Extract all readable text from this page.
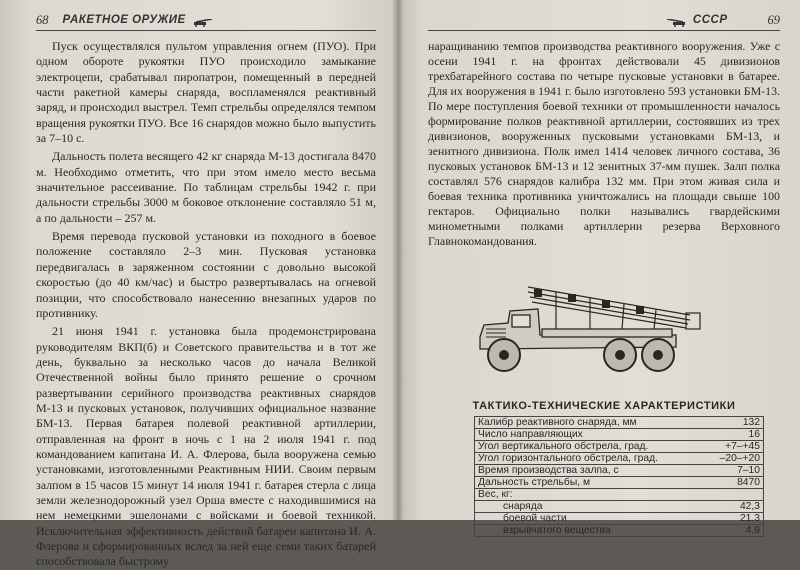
68 РАКЕТНОЕ ОРУЖИЕ

Пуск осуществлялся пультом управления огнем (ПУО). При одном обороте рукоятки ПУО происходило замыкание электроцепи, срабатывал пиропатрон, помещенный в передней части ракетной камеры снаряда, воспламенялся реактивный заряд, и происходил выстрел. Темп стрельбы определялся темпом вращения рукоятки ПУО. Все 16 снарядов можно было выпустить за 7–10 с.

Дальность полета весящего 42 кг снаряда М-13 достигала 8470 м. Необходимо отметить, что при этом имело место весьма значительное рассеивание. По таблицам стрельбы 1942 г. при дальности стрельбы 3000 м боковое отклонение составляло 51 м, а по дальности – 257 м.

Время перевода пусковой установки из походного в боевое положение составляло 2–3 мин. Пусковая установка передвигалась в заряженном состоянии с довольно высокой скоростью (до 40 км/час) и быстро развертывалась на огневой позиции, что способствовало нанесению внезапных ударов по противнику.

21 июня 1941 г. установка была продемонстрирована руководителям ВКП(б) и Советского правительства и в тот же день, буквально за несколько часов до начала Великой Отечественной войны было принято решение о срочном развертывании серийного производства реактивных снарядов М-13 и пусковых установок, получивших официальное название БМ-13. Первая батарея полевой реактивной артиллерии, отправленная на фронт в ночь с 1 на 2 июля 1941 г. под командованием капитана И. А. Флерова, была вооружена семью установками, изготовленными Реактивным НИИ. Своим первым залпом в 15 часов 15 минут 14 июля 1941 г. батарея стерла с лица земли железнодорожный узел Орша вместе с находившимися на нем немецкими эшелонами с войсками и боевой техникой. Исключительная эффективность действий батареи капитана И. А. Флерова и сформированных вслед за ней еще семи таких батарей способствовала быстрому

СССР	69

наращиванию темпов производства реактивного вооружения. Уже с осени 1941 г. на фронтах действовали 45 дивизионов трехбатарейного состава по четыре пусковые установки в батарее. Для их вооружения в 1941 г. было изготовлено 593 установки БМ-13. По мере поступления боевой техники от промышленности началось формирование полков реактивной артиллерии, состоявших из трех дивизионов, вооруженных пусковыми установками БМ-13, и зенитного дивизиона. Полк имел 1414 человек личного состава, 36 пусковых установок БМ-13 и 12 зенитных 37-мм пушек. Залп полка составлял 576 снарядов калибра 132 мм. При этом живая сила и боевая техника противника уничтожались на площади свыше 100 гектаров. Официально полки назывались гвардейскими минометными полками артиллерии резерва Верховного Главнокомандования.

ТАКТИКО-ТЕХНИЧЕСКИЕ ХАРАКТЕРИСТИКИ
Калибр реактивного снаряда, мм	132
Число направляющих	16
Угол вертикального обстрела, град.	+7–+45
Угол горизонтального обстрела, град.	–20–+20
Время производства залпа, с	7–10
Дальность стрельбы, м	8470
Вес, кг:	
снаряда	42,3
боевой части	21,3
взрывчатого вещества	4,9
